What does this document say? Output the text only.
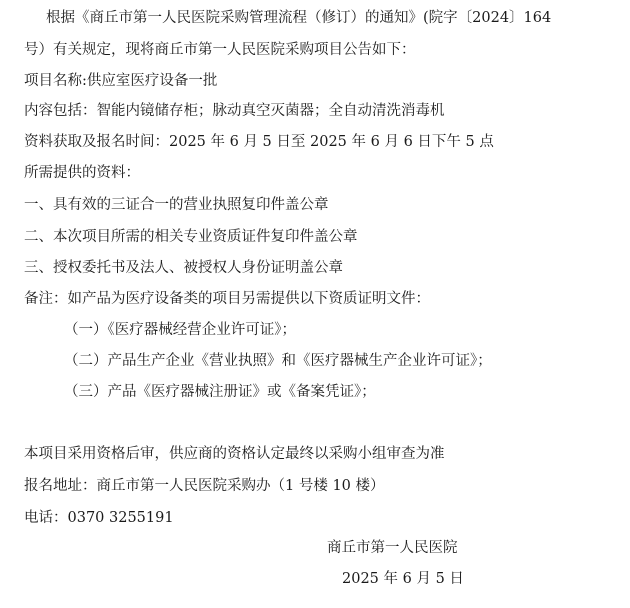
根据《商丘市第一人民医院采购管理流程（修订）的通知》(院字〔2024〕164
号）有关规定，现将商丘市第一人民医院采购项目公告如下：
项目名称:供应室医疗设备一批
内容包括：智能内镜储存柜；脉动真空灭菌器；全自动清洗消毒机
资料获取及报名时间：2025 年 6 月 5 日至 2025 年 6 月 6 日下午 5 点
所需提供的资料：
一、具有效的三证合一的营业执照复印件盖公章
二、本次项目所需的相关专业资质证件复印件盖公章
三、授权委托书及法人、被授权人身份证明盖公章
备注：如产品为医疗设备类的项目另需提供以下资质证明文件：
（一）《医疗器械经营企业许可证》；
（二）产品生产企业《营业执照》和《医疗器械生产企业许可证》；
（三）产品《医疗器械注册证》或《备案凭证》；
本项目采用资格后审，供应商的资格认定最终以采购小组审查为准
报名地址：商丘市第一人民医院采购办（1 号楼 10 楼）
电话：0370 3255191
商丘市第一人民医院
2025 年 6 月 5 日
